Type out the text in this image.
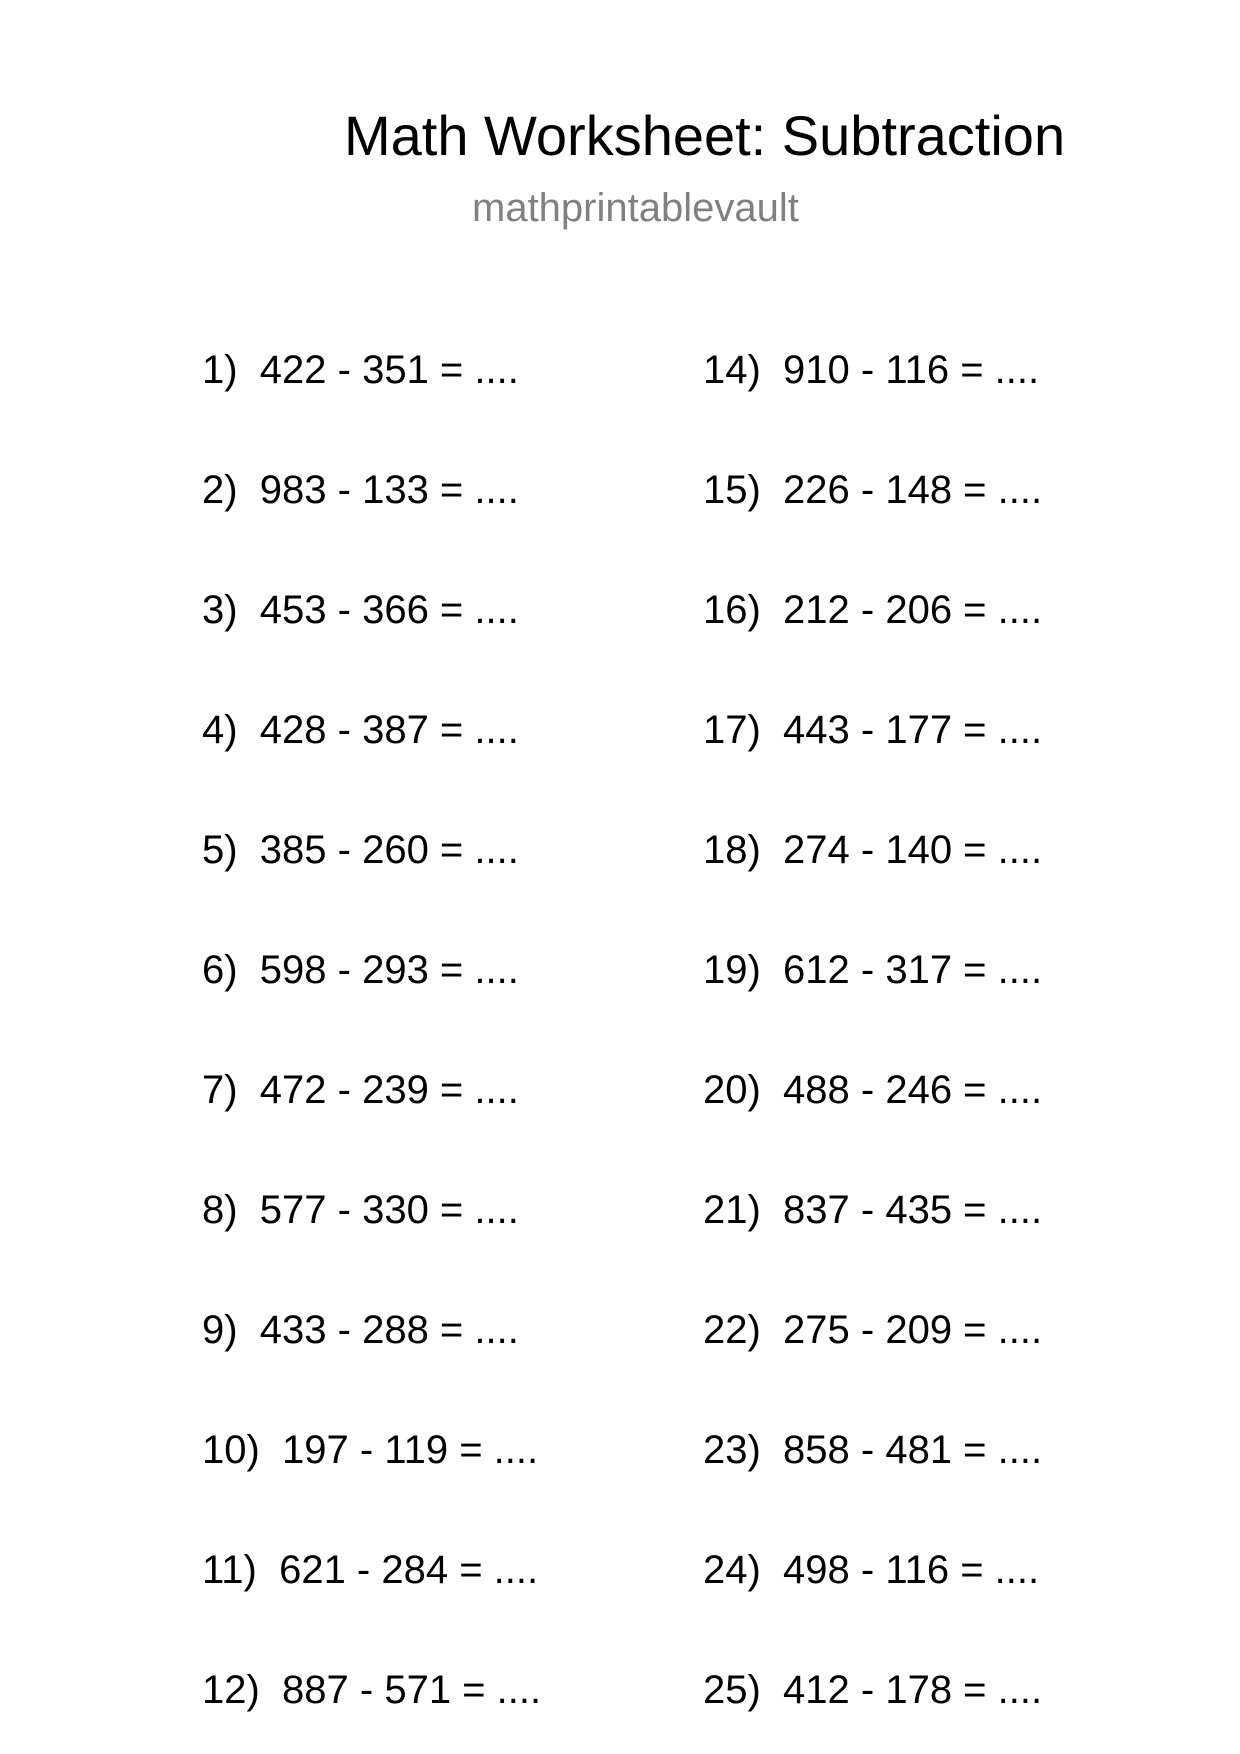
Math Worksheet: Subtraction
mathprintablevault
1)  422 - 351 = ....
2)  983 - 133 = ....
3)  453 - 366 = ....
4)  428 - 387 = ....
5)  385 - 260 = ....
6)  598 - 293 = ....
7)  472 - 239 = ....
8)  577 - 330 = ....
9)  433 - 288 = ....
10)  197 - 119 = ....
11)  621 - 284 = ....
12)  887 - 571 = ....
14)  910 - 116 = ....
15)  226 - 148 = ....
16)  212 - 206 = ....
17)  443 - 177 = ....
18)  274 - 140 = ....
19)  612 - 317 = ....
20)  488 - 246 = ....
21)  837 - 435 = ....
22)  275 - 209 = ....
23)  858 - 481 = ....
24)  498 - 116 = ....
25)  412 - 178 = ....
